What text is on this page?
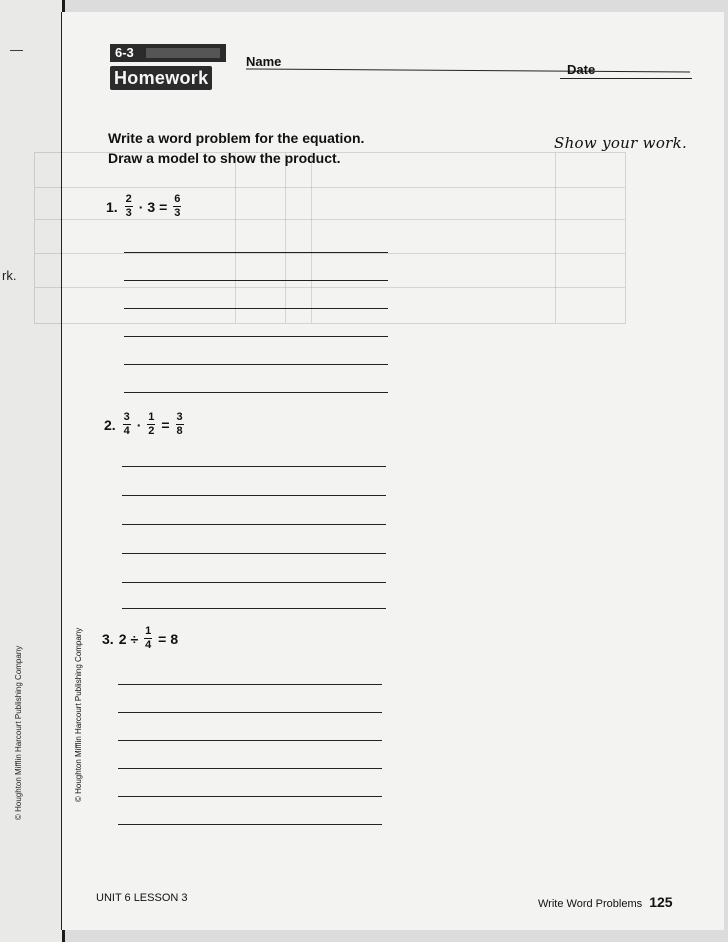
—
rk.
© Houghton Mifflin Harcourt Publishing Company
6-3
Homework
Name
Date
Write a word problem for the equation.
Draw a model to show the product.
Show your work.
1. $\frac{2}{3} \cdot 3 = \frac{6}{3}$
2. $\frac{3}{4} \cdot \frac{1}{2} = \frac{3}{8}$
3. $2 \div \frac{1}{4} = 8$
© Houghton Mifflin Harcourt Publishing Company
UNIT 6 LESSON 3	Write Word Problems 125
